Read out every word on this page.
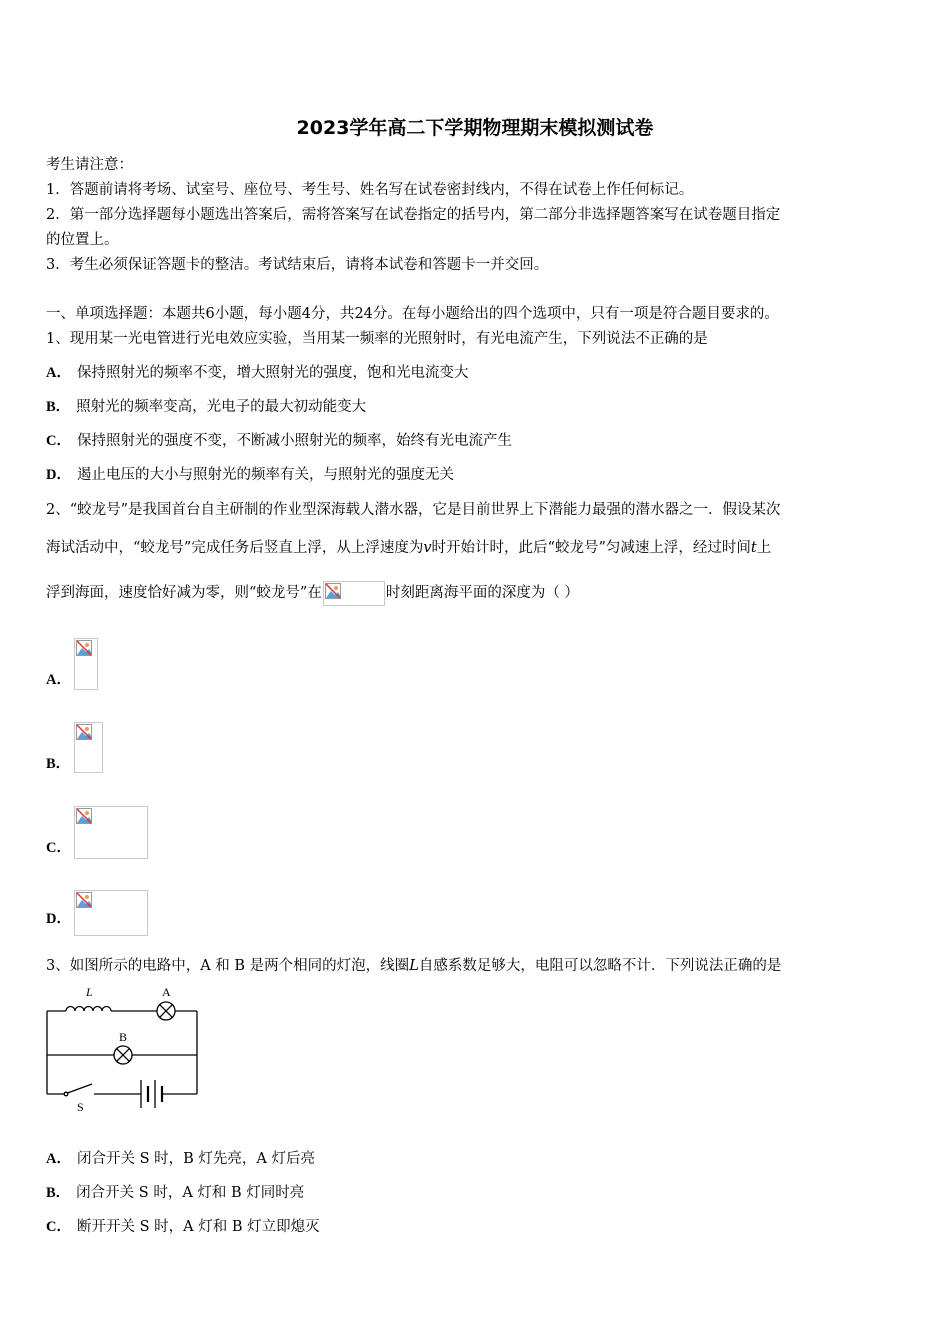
2023学年高二下学期物理期末模拟测试卷
考生请注意：
1．答题前请将考场、试室号、座位号、考生号、姓名写在试卷密封线内，不得在试卷上作任何标记。
2．第一部分选择题每小题选出答案后，需将答案写在试卷指定的括号内，第二部分非选择题答案写在试卷题目指定
的位置上。
3．考生必须保证答题卡的整洁。考试结束后，请将本试卷和答题卡一并交回。
一、单项选择题：本题共6小题，每小题4分，共24分。在每小题给出的四个选项中，只有一项是符合题目要求的。
1、现用某一光电管进行光电效应实验，当用某一频率的光照射时，有光电流产生，下列说法不正确的是
A． 保持照射光的频率不变，增大照射光的强度，饱和光电流变大
B． 照射光的频率变高，光电子的最大初动能变大
C． 保持照射光的强度不变，不断减小照射光的频率，始终有光电流产生
D． 遏止电压的大小与照射光的频率有关，与照射光的强度无关
2、“蛟龙号”是我国首台自主研制的作业型深海载人潜水器，它是目前世界上下潜能力最强的潜水器之一．假设某次
海试活动中，“蛟龙号”完成任务后竖直上浮，从上浮速度为v时开始计时，此后“蛟龙号”匀减速上浮，经过时间t上
浮到海面，速度恰好减为零，则“蛟龙号”在	时刻距离海平面的深度为（ ）
A．
B．
C．
D．
3、如图所示的电路中，A 和 B 是两个相同的灯泡，线圈L自感系数足够大，电阻可以忽略不计．下列说法正确的是
L	A
B
S
A． 闭合开关 S 时，B 灯先亮，A 灯后亮
B． 闭合开关 S 时，A 灯和 B 灯同时亮
C． 断开开关 S 时，A 灯和 B 灯立即熄灭
